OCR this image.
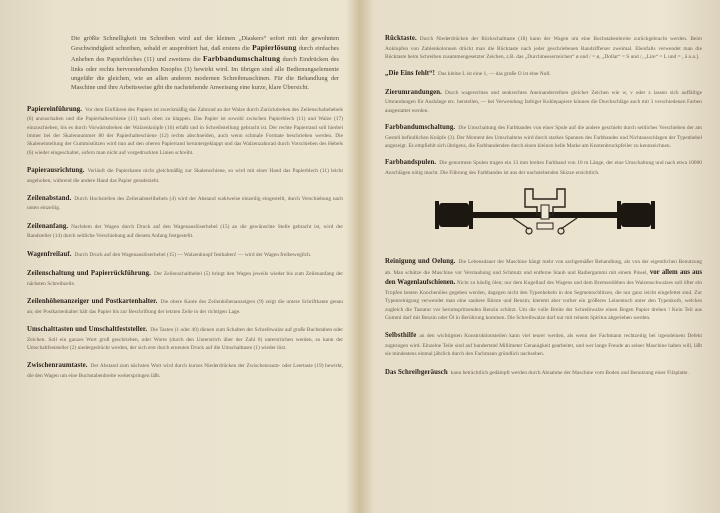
Die größte Schnelligkeit im Schreiben wird auf der kleinen „Diaskers“ sofort mit der gewohnten Geschwindigkeit schreiben, sobald er ausprobiert hat, daß erstens die Papierlösung durch einfaches Anheben des Papierbleches (11) und zweitens die Farbbandumschaltung durch Eindrücken des links oder rechts hervorstehenden Knopfes (3) bewirkt wird. Im übrigen sind alle Bedienungselemente ungefähr die gleichen, wie an allen anderen modernen Schreibmaschinen. Für die Behandlung der Maschine und ihre Arbeitsweise gibt die nachstehende Anweisung eine kurze, klare Übersicht.

Papiereinführung. Vor dem Einführen des Papiers ist zweckmäßig das Zahnrad an der Walze durch Zurückdrehen des Zeilenschaltehebels (6) anzuschalten und die Papierhalteschiene (11) nach oben zu klappen. Das Papier ist sowohl zwischen Papierblech (11) und Walze (17) einzuschieben, bis es durch Vorwärtsdrehen der Walzenknöpfe (16) erfaßt und in Schreibstellung gebracht ist. Der rechte Papierrand soll hierbei immer bei der Skalennummer 80 der Papierhalteschiene (12) rechts abschneiden, auch wenn schmale Formate beschrieben werden. Die Skaleneinteilung der Gummistützen wird nun auf den oberen Papierrand heruntergeklappt und das Walzenzahnrad durch Vorschieben des Hebels (6) wieder eingeschaltet, sofern man nicht auf vorgedruckten Linien schreibt.
Papierausrichtung. Verläuft die Papierkante nicht gleichmäßig zur Skalenschiene, so wird mit einer Hand das Papierblech (11) leicht angehoben, während die andere Hand das Papier geradezieht.
Zeilenabstand. Durch Hochstellen des Zeilenabstellhebels (4) wird der Abstand wahlweise einzeilig eingestellt, durch Verschiebung nach unten einzeilig.
Zeilenanfang. Nachdem der Wagen durch Druck auf den Wagenauslöserhebel (15) an die gewünschte Stelle gebracht ist, wird der Randsteller (14) durch seitliche Verschiebung auf diesem Anfang festgestellt.
Wagenfreilauf. Durch Druck auf den Wagenauslöserhebel (15) — Walzenknopf festhalten! — wird der Wagen freibeweglich.
Zeilenschaltung und Papierrückführung. Der Zeilenschalthebel (5) bringt den Wagen jeweils wieder bis zum Zeilenanfang der nächsten Schreibzeile.
Zeilenhöhenanzeiger und Postkartenhalter. Die obere Kante des Zeilenhöhenanzeigers (9) zeigt die untere Schriftkante genau an; der Postkartenhalter hält das Papier bis zur Beschriftung der letzten Zeile in der richtigen Lage.
Umschalttasten und Umschaltfeststeller. Die Tasten (1 oder 40) dienen zum Schalten der Schreibwalze auf große Buchstaben oder Zeichen. Soll ein ganzes Wort groß geschrieben, oder Worte (durch den Unterstrich über der Zahl 6) unterstrichen werden, so kann der Umschaltfeststeller (2) niedergedrückt werden, der sich erst durch erneuten Druck auf die Umschalttaste (1) wieder löst.
Zwischenraumtaste. Der Abstand zum nächsten Wort wird durch kurzes Niederdrücken der Zwischenraum- oder Leertaste (19) bewirkt, die den Wagen um eine Buchstabenbreite weiterspringen läßt.
Rücktaste. Durch Niederdrücken der Rückschalttaste (18) kann der Wagen um eine Buchstabenbreite zurückgebracht werden. Beim Anklopfen von Zahlenkolonnen drückt man die Rücktaste nach jeder geschriebenen Randzifferser zweimal. Ebenfalls verwendet man die Rücktaste beim Schreiben zusammengesetzter Zeichen, z.B. das „Durchmesserzeichen“ ø und / = ø, „Dollar“ = S und /, „Lire“ = L und = , ä u.a.].
„Die Eins fehlt“! Das kleine L ist eine 1, — das große O ist eine Null.
Zierumrandungen. Durch wagerechtes und senkrechtes Aneinanderreihen gleicher Zeichen wie w, v oder x lassen sich auffällige Umrandungen für Aushänge etc. herstellen, — bei Verwendung farbiger Kohlepapiere können die Durchschläge auch mit 3 verschiedenen Farben ausgestattet werden.
Farbbandumschaltung. Die Umschaltung des Farbbandes von einer Spule auf die andere geschieht durch seitliches Verschieben der am Gestell befindlichen Knöpfe (3). Der Moment des Umschaltens wird durch starkes Spannen des Farbbandes und Nichtausschlagen der Typenhebel angezeigt. Es empfiehlt sich übrigens, die Farbbandenden durch einen kleinen helle Marke am Knotenbruckpfeiler zu kennzeichnen.
Farbbandspulen. Die genormten Spulen tragen ein 13 mm breites Farbband von 10 m Länge, der eine Umschaltung und nach etwa 10000 Anschlägen nötig macht. Die Führung des Farbbandes ist aus der nachstehenden Skizze ersichtlich.
Reinigung und Oelung. Die Lebensdauer der Maschine hängt mehr von sachgemäßer Behandlung, als von der eigentlichen Benutzung ab. Man schütze die Maschine vor Verstaubung und Schmutz und entferne Staub und Radiergummi mit einem Pinsel, vor allem aus aus den Wagenlaufschienen. Nicht zu häufig ölen; nur dem Kugellauf des Wagens und dem Bremsstübben des Walzenschwalzes soll öfter ein Tropfen besten Knochenöles gegeben werden, dagegen nicht den Typenhebeln in den Segmentschlitzen, die nur ganz leicht eingefettet sind. Zur Typenreinigung verwendet man eine saubere Bürste und Benzin; klemmt aber vorher ein größeres Leinentuch unter den Typenkorb, welches zugleich die Tastatur vor herumspritzenden Benzin schützt. Um die volle Breite der Schreibwalze einen Bogen Papier drehen ! Kein Teil aus Gummi darf mit Benzin oder Öl in Berührung kommen. Die Schreibwalze darf nur mit reinem Spiritus abgerieben werden.
Selbsthilfe an den wichtigsten Konstruktionsteilen kann viel teurer werden, als wenn der Fachmann rechtzeitig bei irgendeinem Defekt zugezogen wird. Einzelne Teile sind auf hundertstel Millimeter Genauigkeit gearbeitet, und wer lange Freude an seiner Maschine haben will, läßt sie mindestens einmal jährlich durch den Fachmann gründlich nachsehen.
Das Schreibgeräusch kann beträchtlich gedämpft werden durch Abnahme der Maschine vom Boden und Benutzung einer Filzplatte.
